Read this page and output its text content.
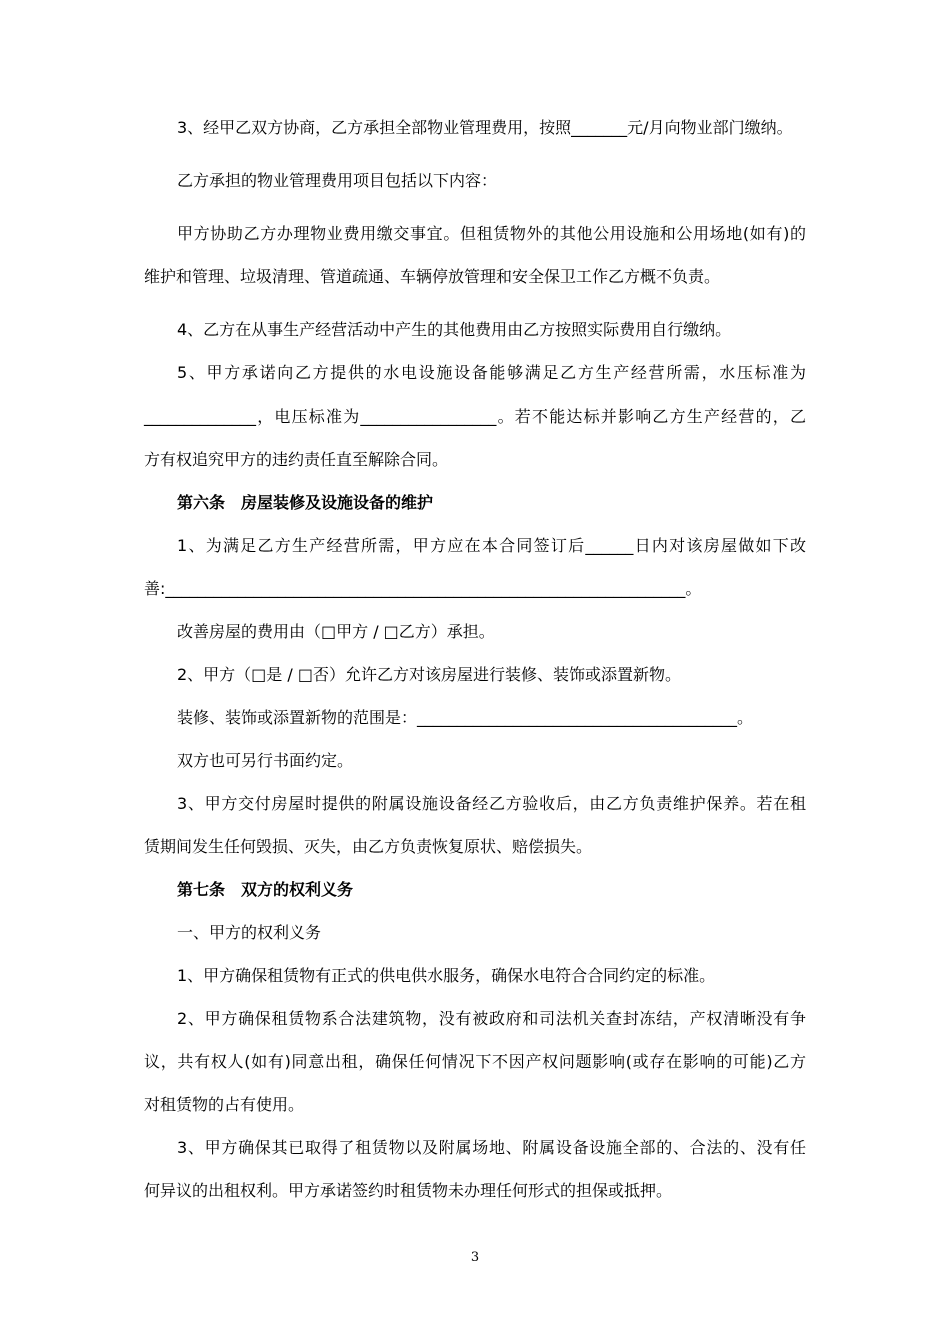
3、经甲乙双方协商，乙方承担全部物业管理费用，按照_______元/月向物业部门缴纳。
乙方承担的物业管理费用项目包括以下内容：
甲方协助乙方办理物业费用缴交事宜。但租赁物外的其他公用设施和公用场地(如有)的
维护和管理、垃圾清理、管道疏通、车辆停放管理和安全保卫工作乙方概不负责。
4、乙方在从事生产经营活动中产生的其他费用由乙方按照实际费用自行缴纳。
5、甲方承诺向乙方提供的水电设施设备能够满足乙方生产经营所需，水压标准为
______________，电压标准为_________________。若不能达标并影响乙方生产经营的，乙
方有权追究甲方的违约责任直至解除合同。
第六条　房屋装修及设施设备的维护
1、为满足乙方生产经营所需，甲方应在本合同签订后______日内对该房屋做如下改
善:_________________________________________________________________。
改善房屋的费用由（□甲方 / □乙方）承担。
2、甲方（□是 / □否）允许乙方对该房屋进行装修、装饰或添置新物。
装修、装饰或添置新物的范围是：________________________________________。
双方也可另行书面约定。
3、甲方交付房屋时提供的附属设施设备经乙方验收后，由乙方负责维护保养。若在租
赁期间发生任何毁损、灭失，由乙方负责恢复原状、赔偿损失。
第七条　双方的权利义务
一、甲方的权利义务
1、甲方确保租赁物有正式的供电供水服务，确保水电符合合同约定的标准。
2、甲方确保租赁物系合法建筑物，没有被政府和司法机关查封冻结，产权清晰没有争
议，共有权人(如有)同意出租，确保任何情况下不因产权问题影响(或存在影响的可能)乙方
对租赁物的占有使用。
3、甲方确保其已取得了租赁物以及附属场地、附属设备设施全部的、合法的、没有任
何异议的出租权利。甲方承诺签约时租赁物未办理任何形式的担保或抵押。
3
